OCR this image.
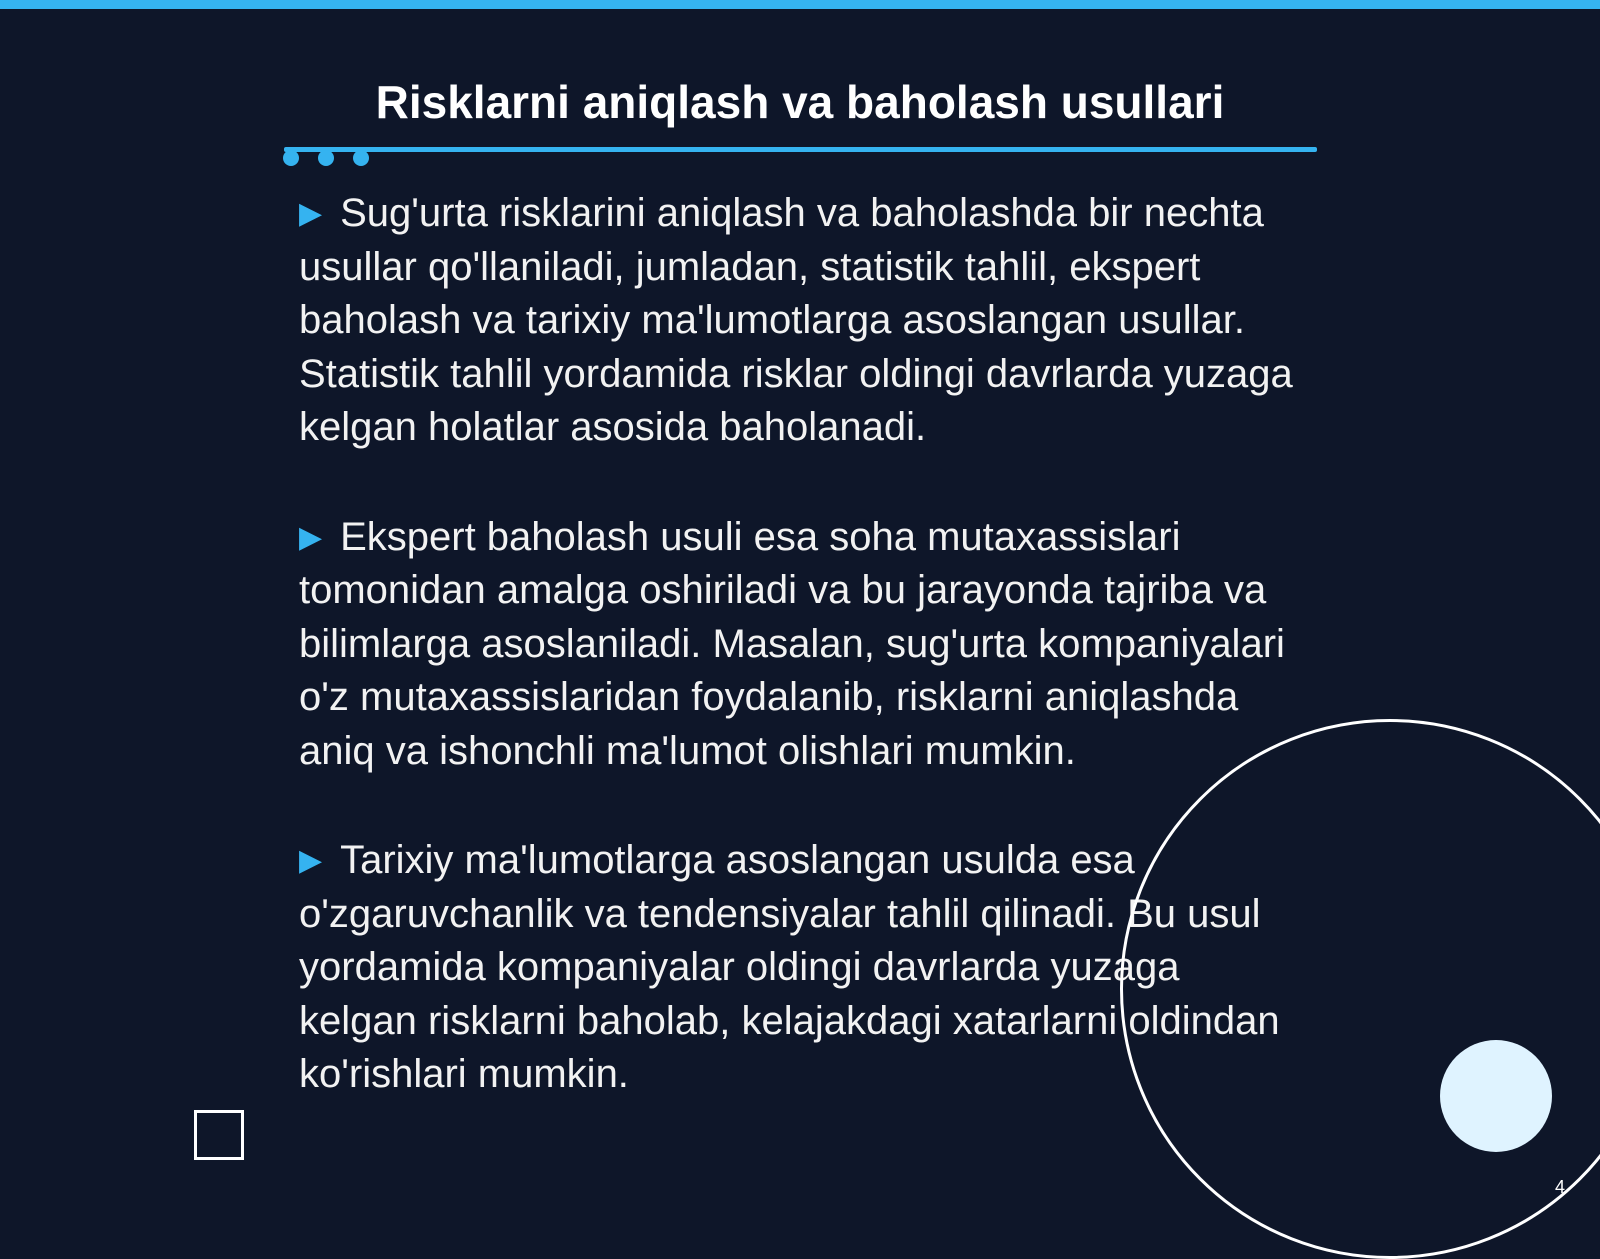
Risklarni aniqlash va baholash usullari

▶ Sug'urta risklarini aniqlash va baholashda bir nechta usullar qo'llaniladi, jumladan, statistik tahlil, ekspert baholash va tarixiy ma'lumotlarga asoslangan usullar. Statistik tahlil yordamida risklar oldingi davrlarda yuzaga kelgan holatlar asosida baholanadi.

▶ Ekspert baholash usuli esa soha mutaxassislari tomonidan amalga oshiriladi va bu jarayonda tajriba va bilimlarga asoslaniladi. Masalan, sug'urta kompaniyalari o'z mutaxassislaridan foydalanib, risklarni aniqlashda aniq va ishonchli ma'lumot olishlari mumkin.

▶ Tarixiy ma'lumotlarga asoslangan usulda esa o'zgaruvchanlik va tendensiyalar tahlil qilinadi. Bu usul yordamida kompaniyalar oldingi davrlarda yuzaga kelgan risklarni baholab, kelajakdagi xatarlarni oldindan ko'rishlari mumkin.

4
